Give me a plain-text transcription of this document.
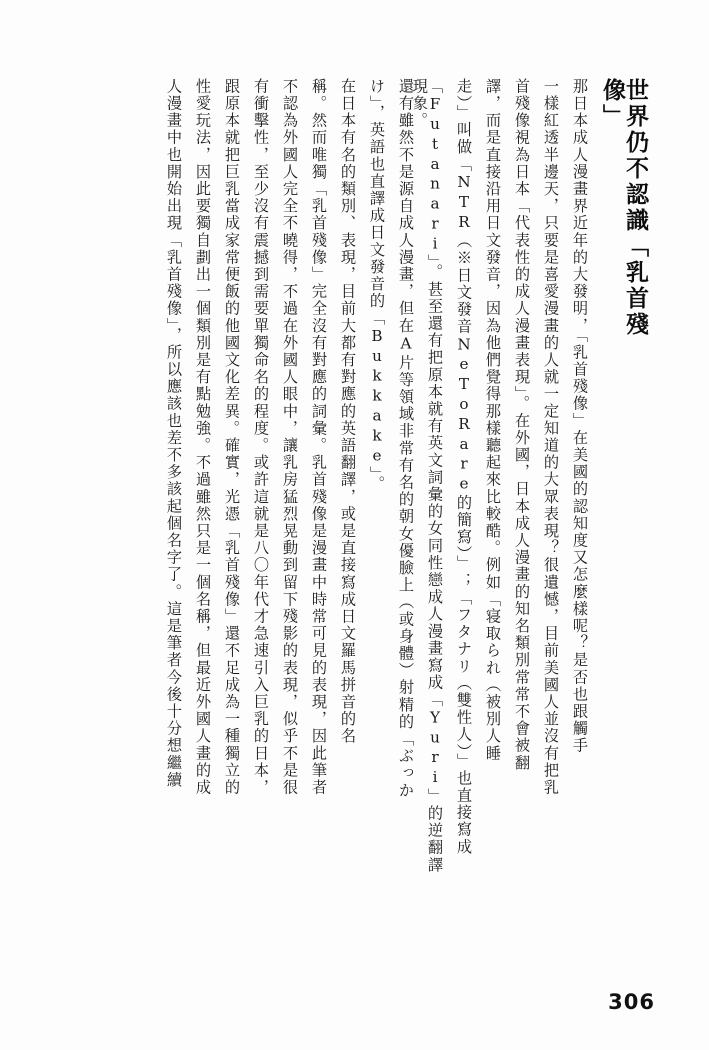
世界仍不認識「乳首殘像」
那日本成人漫畫界近年的大發明，「乳首殘像」在美國的認知度又怎麼樣呢？是否也跟觸手
一樣紅透半邊天，只要是喜愛漫畫的人就一定知道的大眾表現？很遺憾，目前美國人並沒有把乳
首殘像視為日本「代表性的成人漫畫表現」。在外國，日本成人漫畫的知名類別常常不會被翻
譯，而是直接沿用日文發音，因為他們覺得那樣聽起來比較酷。例如「寝取られ（被別人睡
走）」叫做「NTR（※日文發音NeToRare的簡寫）」；「フタナリ（雙性人）」也直接寫成
「Futanari」。甚至還有把原本就有英文詞彙的女同性戀成人漫畫寫成「Yuri」的逆翻譯現象。
還有雖然不是源自成人漫畫，但在A片等領域非常有名的朝女優臉上（或身體）射精的「ぶっか
け」，英語也直譯成日文發音的「Bukkake」。
在日本有名的類別、表現，目前大都有對應的英語翻譯，或是直接寫成日文羅馬拼音的名
稱。然而唯獨「乳首殘像」完全沒有對應的詞彙。乳首殘像是漫畫中時常可見的表現，因此筆者
不認為外國人完全不曉得，不過在外國人眼中，讓乳房猛烈晃動到留下殘影的表現，似乎不是很
有衝擊性，至少沒有震撼到需要單獨命名的程度。或許這就是八〇年代才急速引入巨乳的日本，
跟原本就把巨乳當成家常便飯的他國文化差異。確實，光憑「乳首殘像」還不足成為一種獨立的
性愛玩法，因此要獨自劃出一個類別是有點勉強。不過雖然只是一個名稱，但最近外國人畫的成
人漫畫中也開始出現「乳首殘像」，所以應該也差不多該起個名字了。這是筆者今後十分想繼續
306
